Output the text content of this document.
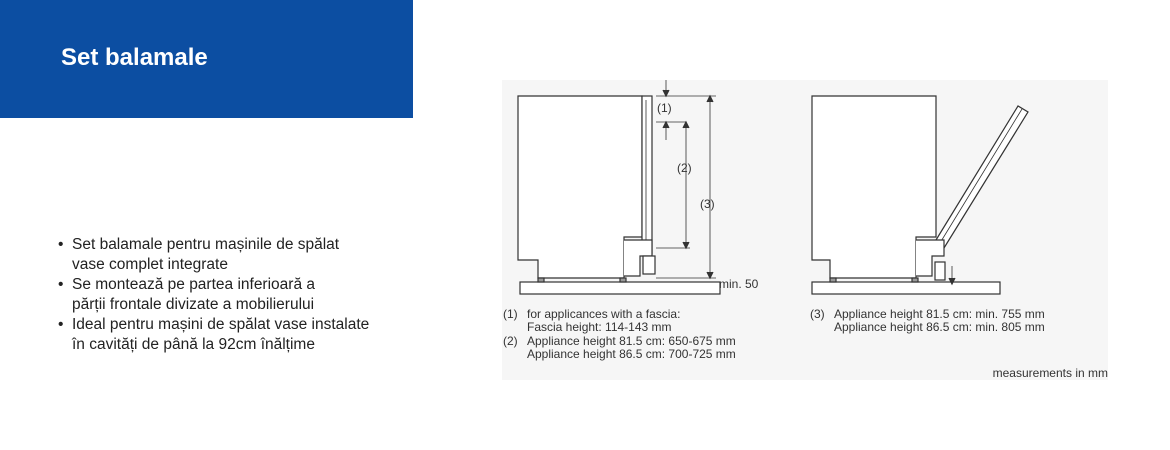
Set balamale
• Set balamale pentru mașinile de spălat
vase complet integrate
• Se montează pe partea inferioară a
părții frontale divizate a mobilierului
• Ideal pentru mașini de spălat vase instalate
în cavități de până la 92cm înălțime
(1)
(2)
(3)
min. 50
(1) for applicances with a fascia:
Fascia height: 114-143 mm
(2) Appliance height 81.5 cm: 650-675 mm
Appliance height 86.5 cm: 700-725 mm
(3) Appliance height 81.5 cm: min. 755 mm
Appliance height 86.5 cm: min. 805 mm
measurements in mm
